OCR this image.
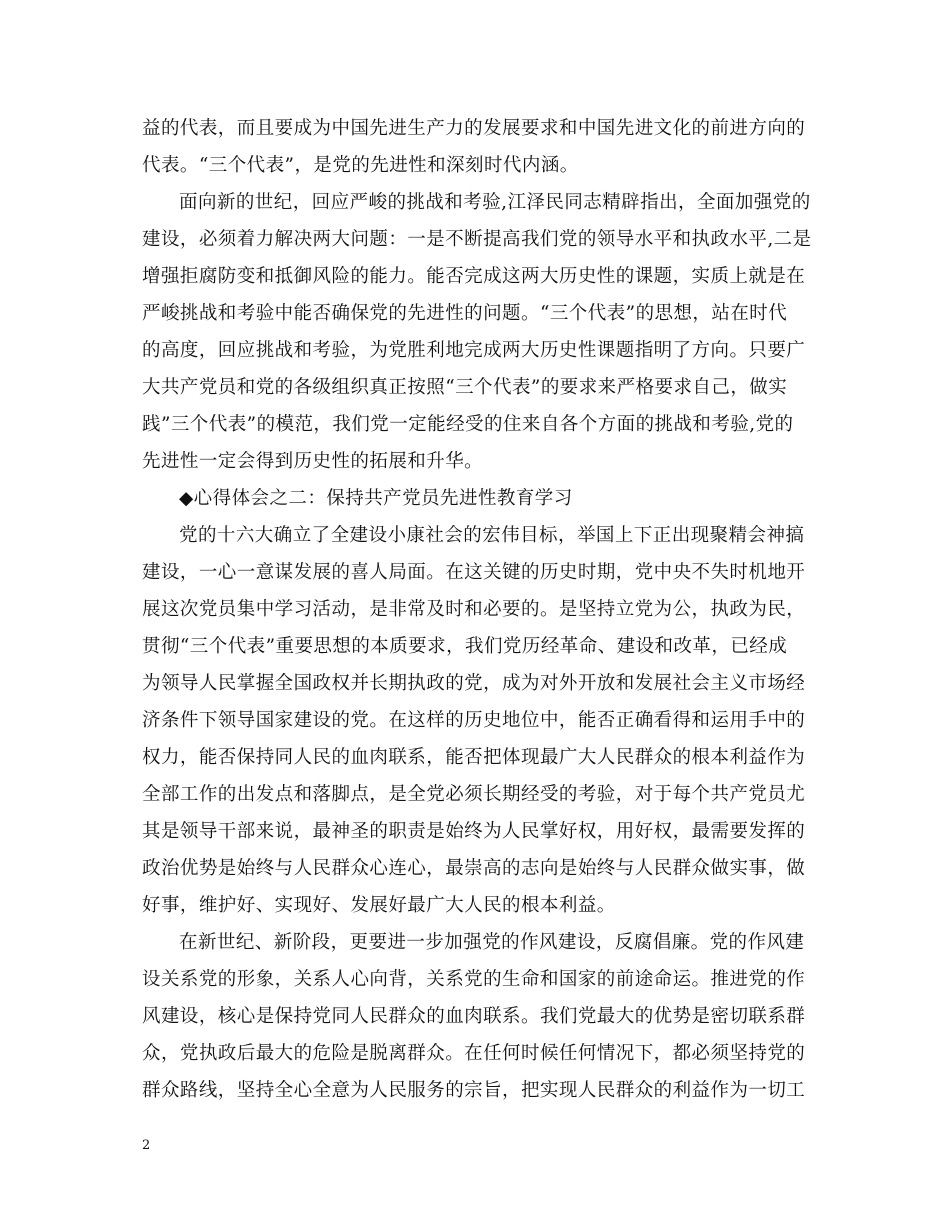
益的代表，而且要成为中国先进生产力的发展要求和中国先进文化的前进方向的
代表。“三个代表”，是党的先进性和深刻时代内涵。
面向新的世纪，回应严峻的挑战和考验,江泽民同志精辟指出，全面加强党的
建设，必须着力解决两大问题：一是不断提高我们党的领导水平和执政水平,二是
增强拒腐防变和抵御风险的能力。能否完成这两大历史性的课题，实质上就是在
严峻挑战和考验中能否确保党的先进性的问题。“三个代表”的思想，站在时代
的高度，回应挑战和考验，为党胜利地完成两大历史性课题指明了方向。只要广
大共产党员和党的各级组织真正按照“三个代表”的要求来严格要求自己，做实
践”三个代表”的模范，我们党一定能经受的住来自各个方面的挑战和考验,党的
先进性一定会得到历史性的拓展和升华。
◆心得体会之二：保持共产党员先进性教育学习
党的十六大确立了全建设小康社会的宏伟目标，举国上下正出现聚精会神搞
建设，一心一意谋发展的喜人局面。在这关键的历史时期，党中央不失时机地开
展这次党员集中学习活动，是非常及时和必要的。是坚持立党为公，执政为民，
贯彻“三个代表”重要思想的本质要求，我们党历经革命、建设和改革，已经成
为领导人民掌握全国政权并长期执政的党，成为对外开放和发展社会主义市场经
济条件下领导国家建设的党。在这样的历史地位中，能否正确看得和运用手中的
权力，能否保持同人民的血肉联系，能否把体现最广大人民群众的根本利益作为
全部工作的出发点和落脚点，是全党必须长期经受的考验，对于每个共产党员尤
其是领导干部来说，最神圣的职责是始终为人民掌好权，用好权，最需要发挥的
政治优势是始终与人民群众心连心，最崇高的志向是始终与人民群众做实事，做
好事，维护好、实现好、发展好最广大人民的根本利益。
在新世纪、新阶段，更要进一步加强党的作风建设，反腐倡廉。党的作风建
设关系党的形象，关系人心向背，关系党的生命和国家的前途命运。推进党的作
风建设，核心是保持党同人民群众的血肉联系。我们党最大的优势是密切联系群
众，党执政后最大的危险是脱离群众。在任何时候任何情况下，都必须坚持党的
群众路线，坚持全心全意为人民服务的宗旨，把实现人民群众的利益作为一切工
2
